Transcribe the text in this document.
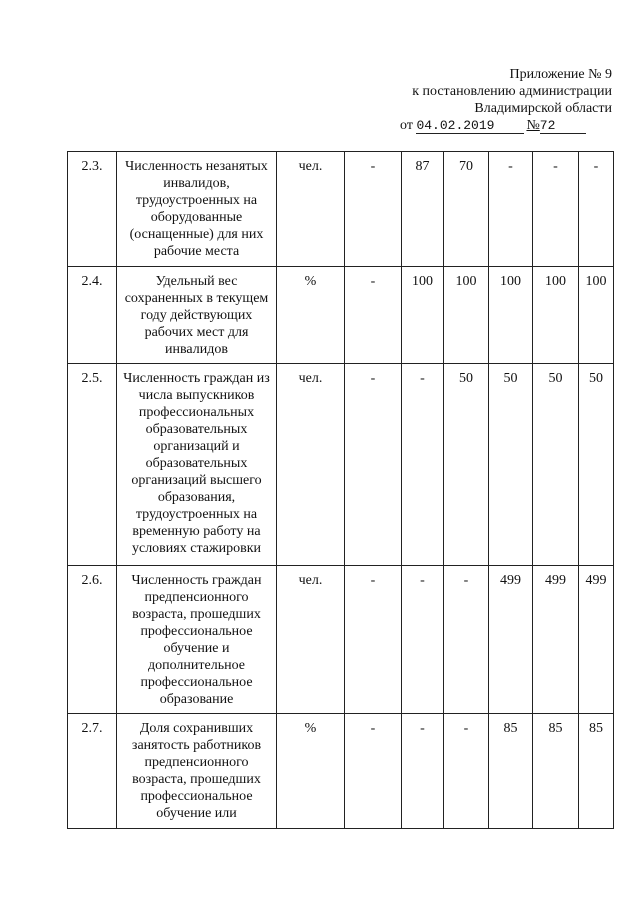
Приложение № 9
к постановлению администрации
Владимирской области
от 04.02.2019 №72
2.3.	Численность незанятых инвалидов, трудоустроенных на оборудованные (оснащенные) для них рабочие места	чел.	-	87	70	-	-	-
2.4.	Удельный вес сохраненных в текущем году действующих рабочих мест для инвалидов	%	-	100	100	100	100	100
2.5.	Численность граждан из числа выпускников профессиональных образовательных организаций и образовательных организаций высшего образования, трудоустроенных на временную работу на условиях стажировки	чел.	-	-	50	50	50	50
2.6.	Численность граждан предпенсионного возраста, прошедших профессиональное обучение и дополнительное профессиональное образование	чел.	-	-	-	499	499	499
2.7.	Доля сохранивших занятость работников предпенсионного возраста, прошедших профессиональное обучение или	%	-	-	-	85	85	85
